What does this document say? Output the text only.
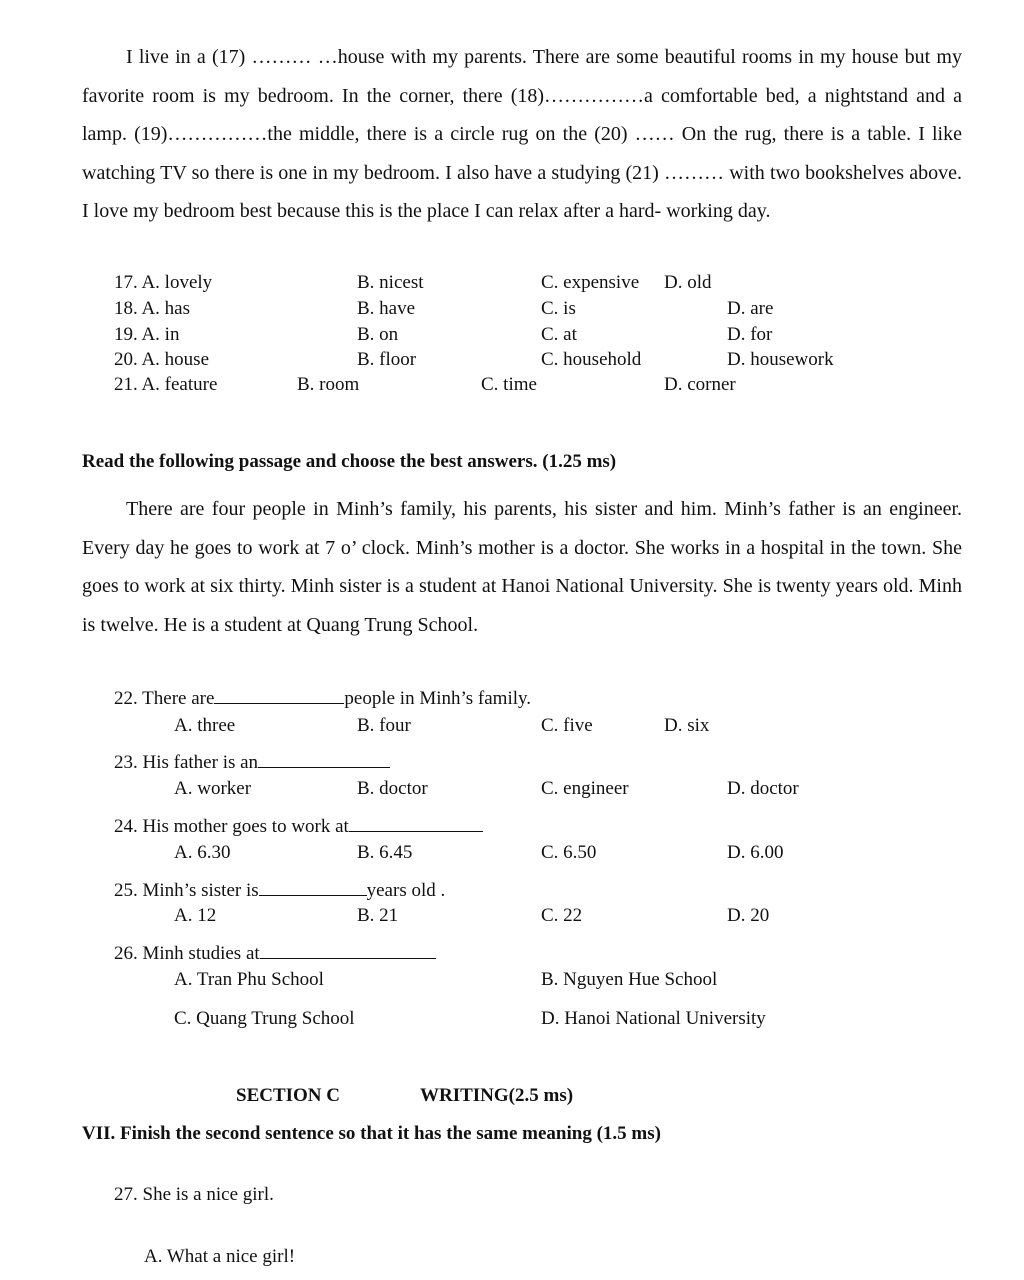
I live in a (17) ……… …house with my parents. There are some beautiful rooms in my house but my favorite room is my bedroom. In the corner, there (18)……………a comfortable bed, a nightstand and a lamp. (19)……………the middle, there is a circle rug on the (20) …… On the rug, there is a table. I like watching TV so there is one in my bedroom. I also have a studying (21) ……… with two bookshelves above. I love my bedroom best because this is the place I can relax after a hard- working day.
17. A. lovely	B. nicest	C. expensive D. old
18. A. has	B. have	C. is	D. are
19. A. in	B. on	C. at	D. for
20. A. house	B. floor	C. household	D. housework
21. A. feature	B. room	C. time	D. corner
Read the following passage and choose the best answers. (1.25 ms)
There are four people in Minh’s family, his parents, his sister and him. Minh’s father is an engineer. Every day he goes to work at 7 o’ clock. Minh’s mother is a doctor. She works in a hospital in the town. She goes to work at six thirty. Minh sister is a student at Hanoi National University. She is twenty years old. Minh is twelve. He is a student at Quang Trung School.
22. There are	people in Minh’s family.
A. three	B. four	C. five	D. six
23. His father is an
A. worker	B. doctor	C. engineer	D. doctor
24. His mother goes to work at
A. 6.30	B. 6.45	C. 6.50	D. 6.00
25. Minh’s sister is	years old .
A. 12	B. 21	C. 22	D. 20
26. Minh studies at
A. Tran Phu School	B. Nguyen Hue School
C. Quang Trung School	D. Hanoi National University
SECTION C	WRITING(2.5 ms)
VII. Finish the second sentence so that it has the same meaning (1.5 ms)
27. She is a nice girl.
A. What a nice girl!
